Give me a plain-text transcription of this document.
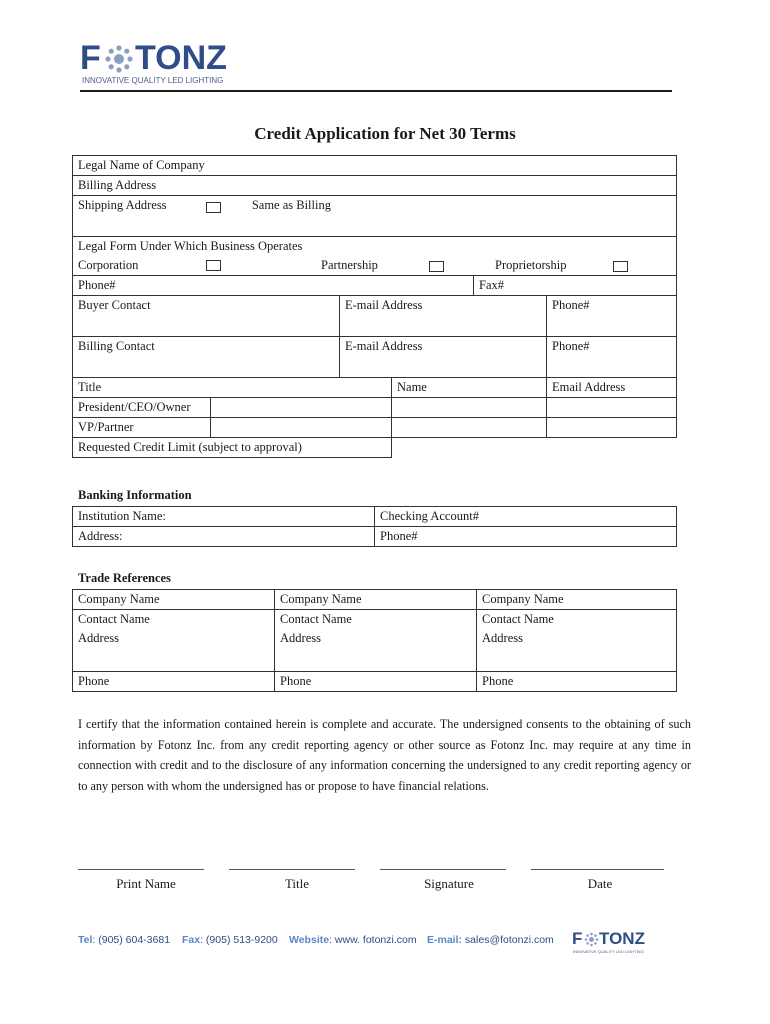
F TONZ
INNOVATIVE QUALITY LED LIGHTING
Credit Application for Net 30 Terms
Legal Name of Company					
Billing Address					
Shipping Address Same as Billing					
Legal Form Under Which Business Operates					
Corporation Partnership Proprietorship					

Phone#				Fax#	
Buyer Contact		E-mail Address			Phone#
Billing Contact		E-mail Address			Phone#
Title			Name		Email Address
President/CEO/Owner					
VP/Partner					
Requested Credit Limit (subject to approval)					
Banking Information
Institution Name:	Checking Account#
Address:	Phone#
Trade References
Company Name	Company Name	Company Name
Contact Name	Contact Name	Contact Name
Address	Address	Address
Phone	Phone	Phone
I certify that the information contained herein is complete and accurate. The undersigned consents to the obtaining of such information by Fotonz Inc. from any credit reporting agency or other source as Fotonz Inc. may require at any time in connection with credit and to the disclosure of any information concerning the undersigned to any credit reporting agency or to any person with whom the undersigned has or propose to have financial relations.
Print Name	Title	Signature	Date
Tel: (905) 604-3681 Fax: (905) 513-9200 Website: www. fotonzi.com E-mail: sales@fotonzi.com F TONZ
INNOVATIVE QUALITY LED LIGHTING
